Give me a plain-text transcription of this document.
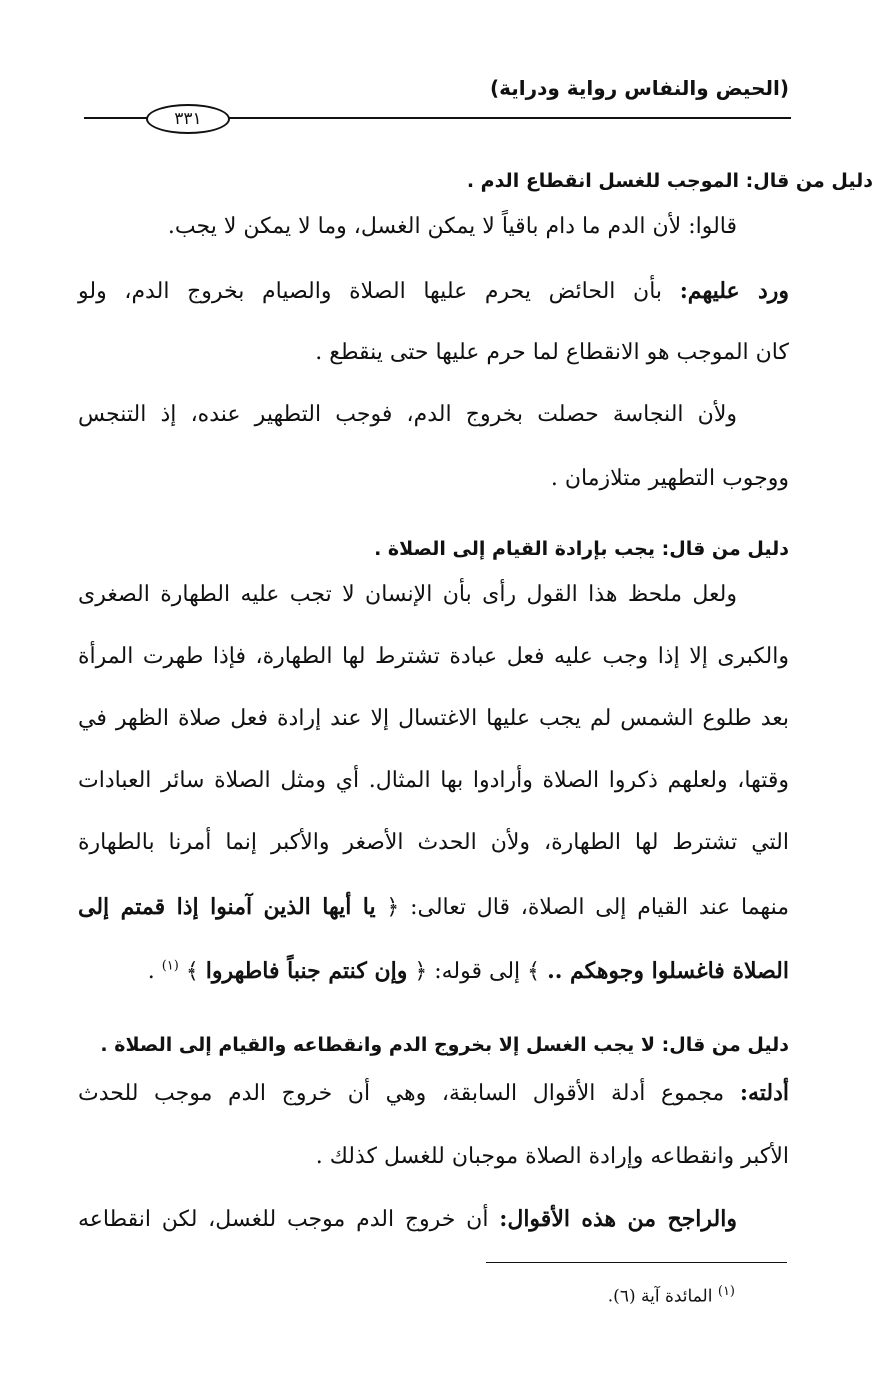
(الحيض والنفاس رواية ودراية)
٣٣١
دليل من قال: الموجب للغسل انقطاع الدم .
قالوا: لأن الدم ما دام باقياً لا يمكن الغسل، وما لا يمكن لا يجب.
ورد عليهم: بأن الحائض يحرم عليها الصلاة والصيام بخروج الدم، ولو
كان الموجب هو الانقطاع لما حرم عليها حتى ينقطع .
ولأن النجاسة حصلت بخروج الدم، فوجب التطهير عنده، إذ التنجس
ووجوب التطهير متلازمان .
دليل من قال: يجب بإرادة القيام إلى الصلاة .
ولعل ملحظ هذا القول رأى بأن الإنسان لا تجب عليه الطهارة الصغرى
والكبرى إلا إذا وجب عليه فعل عبادة تشترط لها الطهارة، فإذا طهرت المرأة
بعد طلوع الشمس لم يجب عليها الاغتسال إلا عند إرادة فعل صلاة الظهر في
وقتها، ولعلهم ذكروا الصلاة وأرادوا بها المثال. أي ومثل الصلاة سائر العبادات
التي تشترط لها الطهارة، ولأن الحدث الأصغر والأكبر إنما أمرنا بالطهارة
منهما عند القيام إلى الصلاة، قال تعالى: ﴿ يا أيها الذين آمنوا إذا قمتم إلى
الصلاة فاغسلوا وجوهكم .. ﴾ إلى قوله: ﴿ وإن كنتم جنباً فاطهروا ﴾ $^{(١)}$ .
دليل من قال: لا يجب الغسل إلا بخروج الدم وانقطاعه والقيام إلى الصلاة .
أدلته: مجموع أدلة الأقوال السابقة، وهي أن خروج الدم موجب للحدث
الأكبر وانقطاعه وإرادة الصلاة موجبان للغسل كذلك .
والراجح من هذه الأقوال: أن خروج الدم موجب للغسل، لكن انقطاعه
$^{(١)}$ المائدة آية (٦).
